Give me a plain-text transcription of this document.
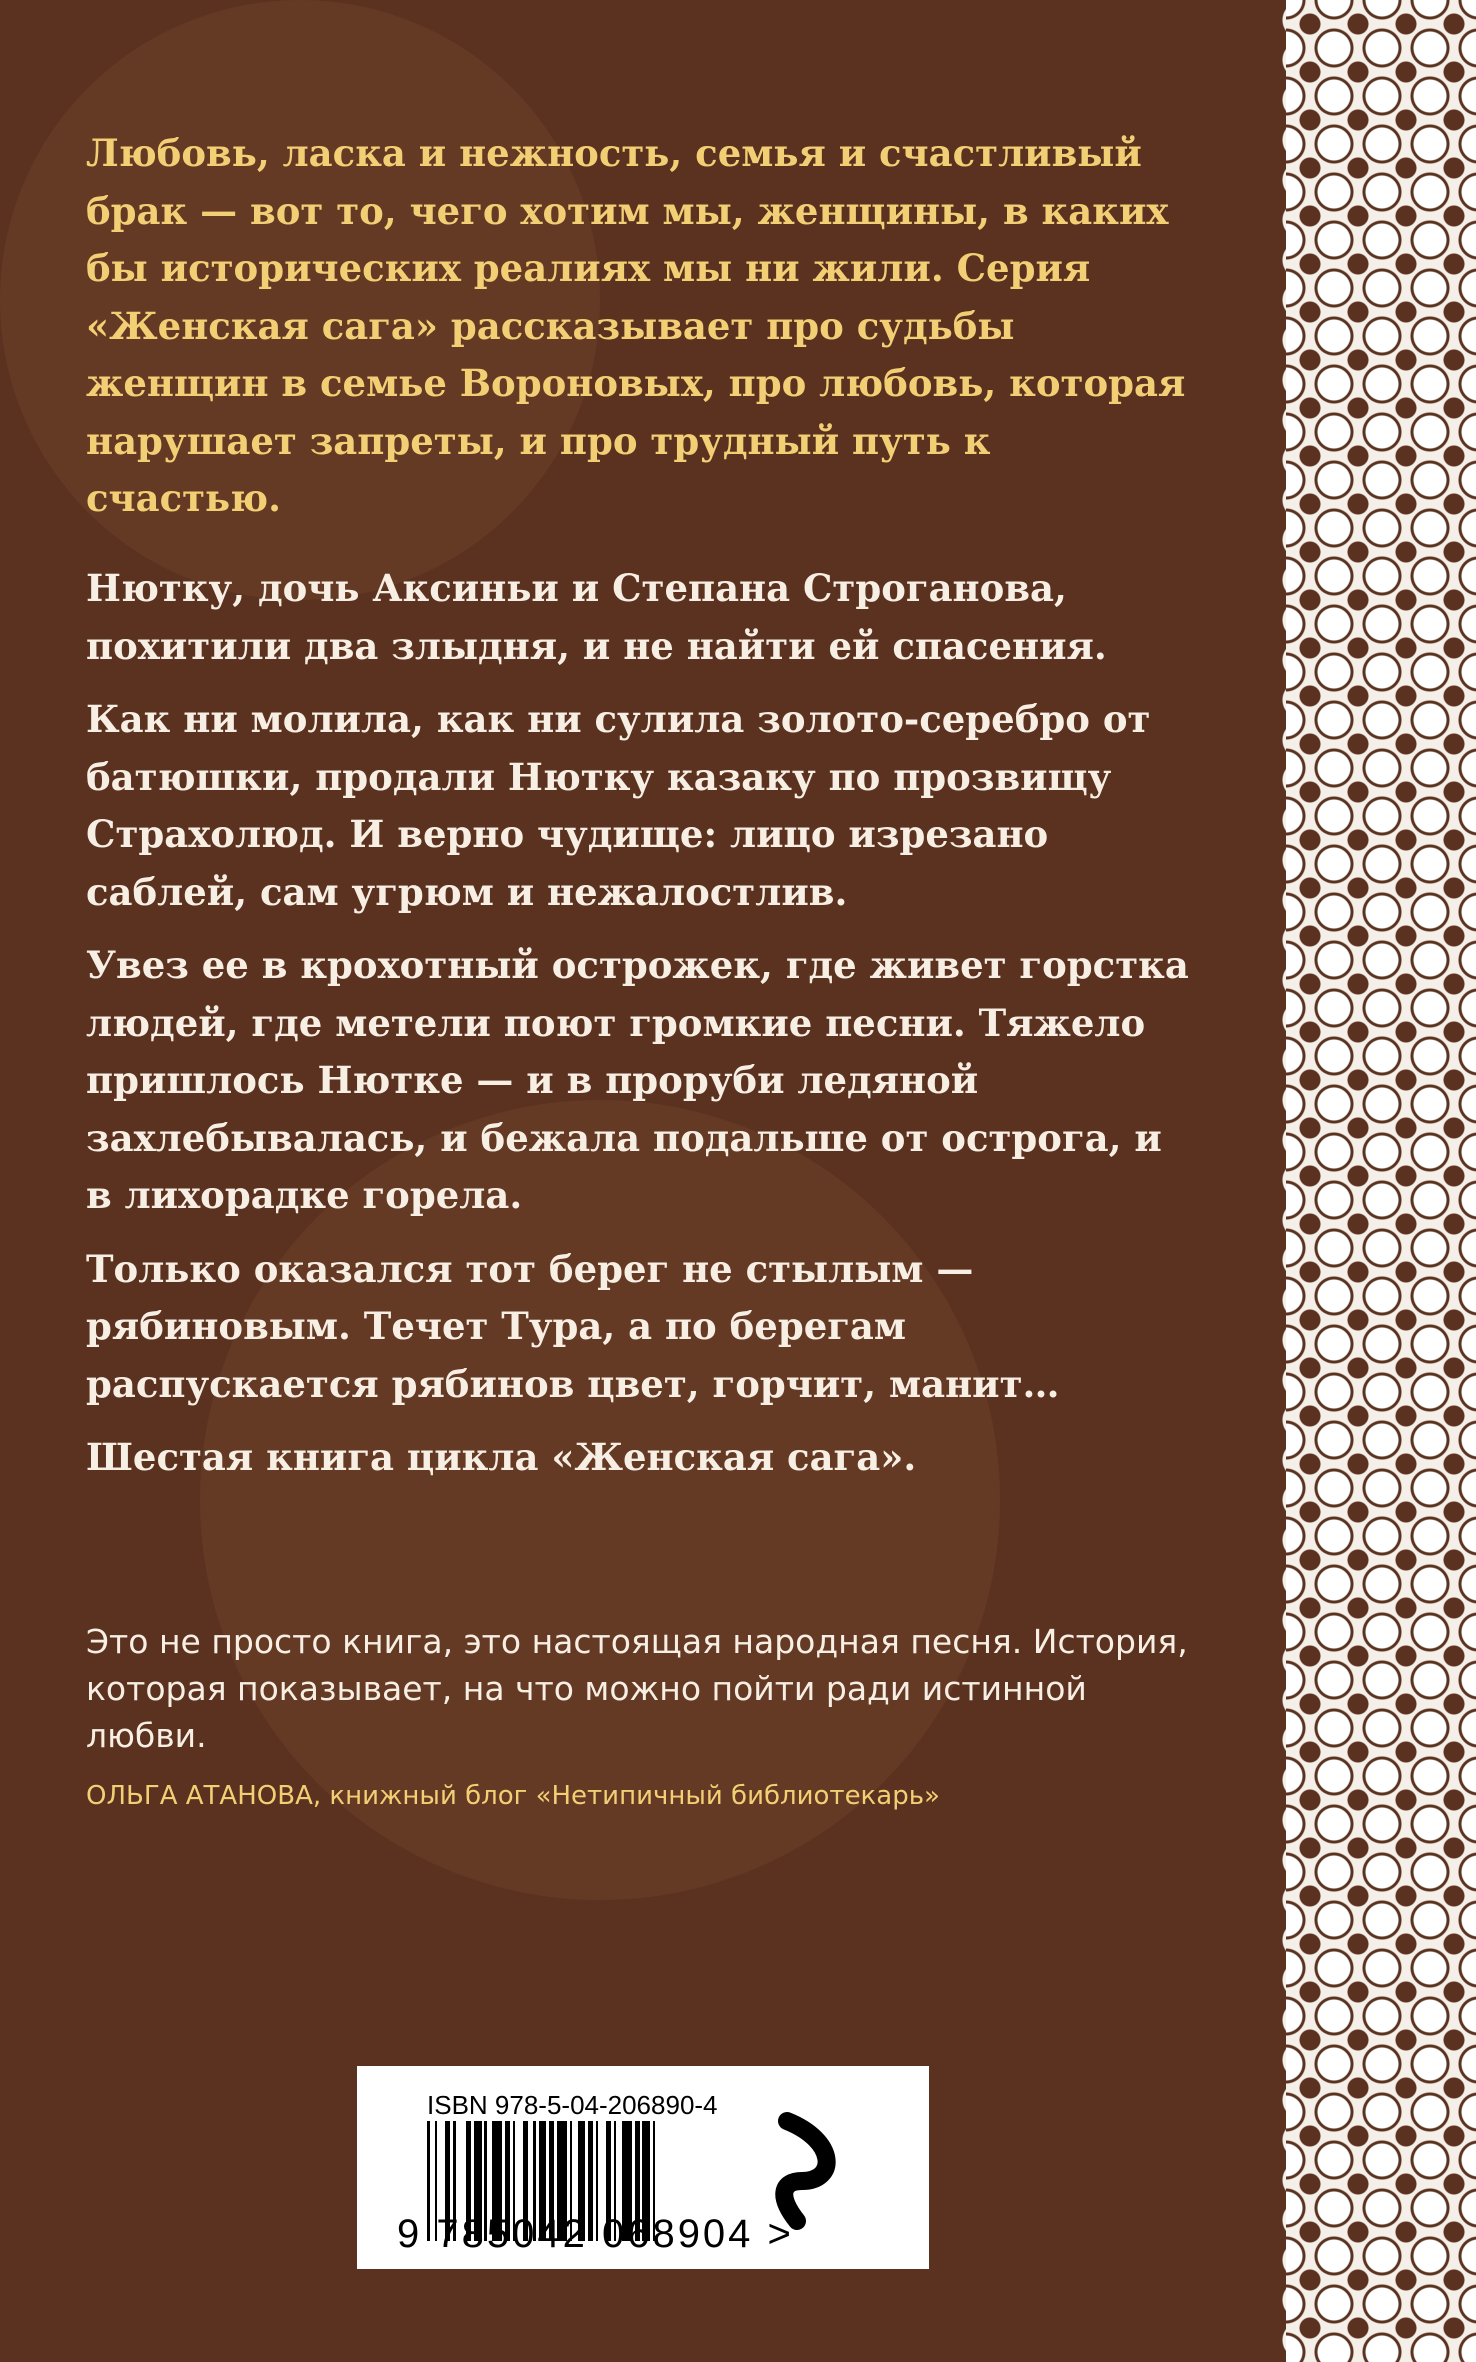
Любовь, ласка и нежность, семья и счастливый брак — вот то, чего хотим мы, женщины, в каких бы исторических реалиях мы ни жили. Серия «Женская сага» рассказывает про судьбы женщин в семье Вороновых, про любовь, которая нарушает запреты, и про трудный путь к счастью.

Нютку, дочь Аксиньи и Степана Строганова, похитили два злыдня, и не найти ей спасения.

Как ни молила, как ни сулила золото-серебро от батюшки, продали Нютку казаку по прозвищу Страхолюд. И верно чудище: лицо изрезано саблей, сам угрюм и нежалостлив.

Увез ее в крохотный острожек, где живет горстка людей, где метели поют громкие песни. Тяжело пришлось Нютке — и в проруби ледяной захлебывалась, и бежала подальше от острога, и в лихорадке горела.

Только оказался тот берег не стылым — рябиновым. Течет Тура, а по берегам распускается рябинов цвет, горчит, манит…

Шестая книга цикла «Женская сага».

Это не просто книга, это настоящая народная песня. История, которая показывает, на что можно пойти ради истинной любви.

ОЛЬГА АТАНОВА, книжный блог «Нетипичный библиотекарь»
ISBN 978-5-04-206890-4
9 785042 068904 >
